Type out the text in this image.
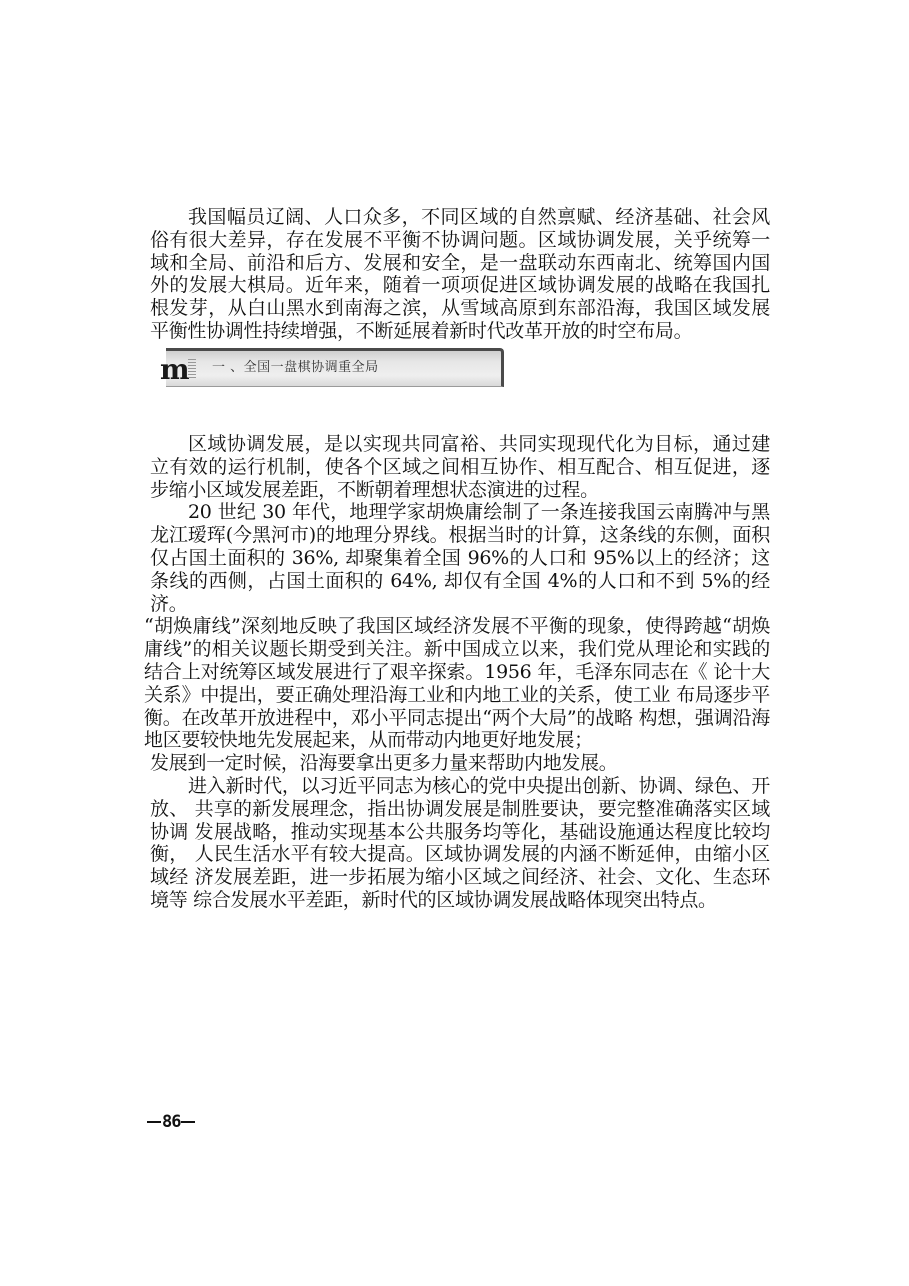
我国幅员辽阔、人口众多，不同区域的自然禀赋、经济基础、社会风 俗有很大差异，存在发展不平衡不协调问题。区域协调发展，关乎统筹一 域和全局、前沿和后方、发展和安全，是一盘联动东西南北、统筹国内国 外的发展大棋局。近年来，随着一项项促进区域协调发展的战略在我国扎 根发芽，从白山黑水到南海之滨，从雪域高原到东部沿海，我国区域发展 平衡性协调性持续增强，不断延展着新时代改革开放的时空布局。

m 一 、全国一盘棋协调重全局

区域协调发展，是以实现共同富裕、共同实现现代化为目标，通过建 立有效的运行机制，使各个区域之间相互协作、相互配合、相互促进，逐 步缩小区域发展差距，不断朝着理想状态演进的过程。

20 世纪 30 年代，地理学家胡焕庸绘制了一条连接我国云南腾冲与黑龙江瑷珲(今黑河市)的地理分界线。根据当时的计算，这条线的东侧，面积仅占国土面积的 36%, 却聚集着全国 96%的人口和 95%以上的经济；这条线的西侧，占国土面积的 64%, 却仅有全国 4%的人口和不到 5%的经济。

“胡焕庸线”深刻地反映了我国区域经济发展不平衡的现象，使得跨越“胡焕庸线”的相关议题长期受到关注。新中国成立以来，我们党从理论和实践的结合上对统筹区域发展进行了艰辛探索。1956 年，毛泽东同志在《 论十大关系》中提出，要正确处理沿海工业和内地工业的关系，使工业 布局逐步平衡。在改革开放进程中，邓小平同志提出“两个大局”的战略 构想，强调沿海地区要较快地先发展起来，从而带动内地更好地发展；

发展到一定时候，沿海要拿出更多力量来帮助内地发展。

进入新时代，以习近平同志为核心的党中央提出创新、协调、绿色、开放、 共享的新发展理念，指出协调发展是制胜要诀，要完整准确落实区域协调 发展战略，推动实现基本公共服务均等化，基础设施通达程度比较均衡， 人民生活水平有较大提高。区域协调发展的内涵不断延伸，由缩小区域经 济发展差距，进一步拓展为缩小区域之间经济、社会、文化、生态环境等 综合发展水平差距，新时代的区域协调发展战略体现突出特点。

86
